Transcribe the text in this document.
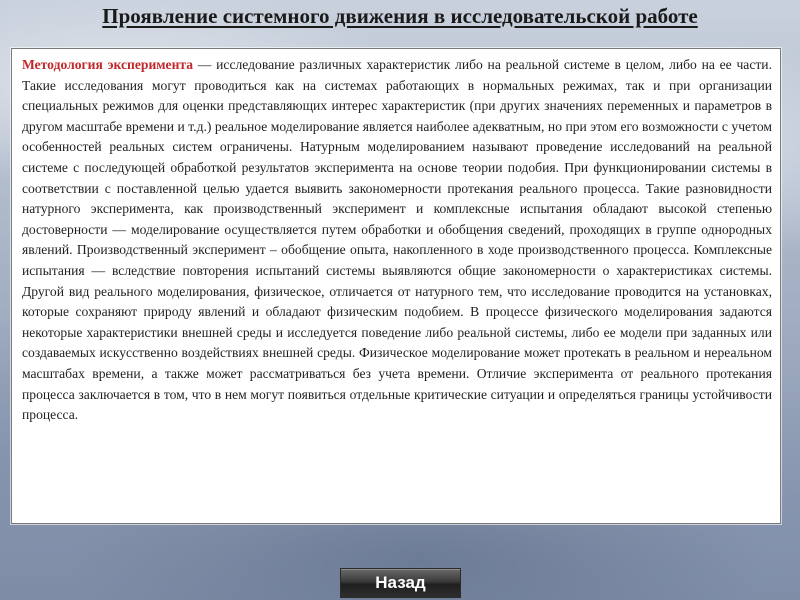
Проявление системного движения в исследовательской работе

Методология эксперимента — исследование различных характеристик либо на реальной системе в целом, либо на ее части. Такие исследования могут проводиться как на системах работающих в нормальных режимах, так и при организации специальных режимов для оценки представляющих интерес характеристик (при других значениях переменных и параметров в другом масштабе времени и т.д.) реальное моделирование является наиболее адекватным, но при этом его возможности с учетом особенностей реальных систем ограничены. Натурным моделированием называют проведение исследований на реальной системе с последующей обработкой результатов эксперимента на основе теории подобия. При функционировании системы в соответствии с поставленной целью удается выявить закономерности протекания реального процесса. Такие разновидности натурного эксперимента, как производственный эксперимент и комплексные испытания обладают высокой степенью достоверности — моделирование осуществляется путем обработки и обобщения сведений, проходящих в группе однородных явлений. Производственный эксперимент – обобщение опыта, накопленного в ходе производственного процесса. Комплексные испытания — вследствие повторения испытаний системы выявляются общие закономерности о характеристиках системы. Другой вид реального моделирования, физическое, отличается от натурного тем, что исследование проводится на установках, которые сохраняют природу явлений и обладают физическим подобием. В процессе физического моделирования задаются некоторые характеристики внешней среды и исследуется поведение либо реальной системы, либо ее модели при заданных или создаваемых искусственно воздействиях внешней среды. Физическое моделирование может протекать в реальном и нереальном масштабах времени, а также может рассматриваться без учета времени. Отличие эксперимента от реального протекания процесса заключается в том, что в нем могут появиться отдельные критические ситуации и определяться границы устойчивости процесса.

Назад
